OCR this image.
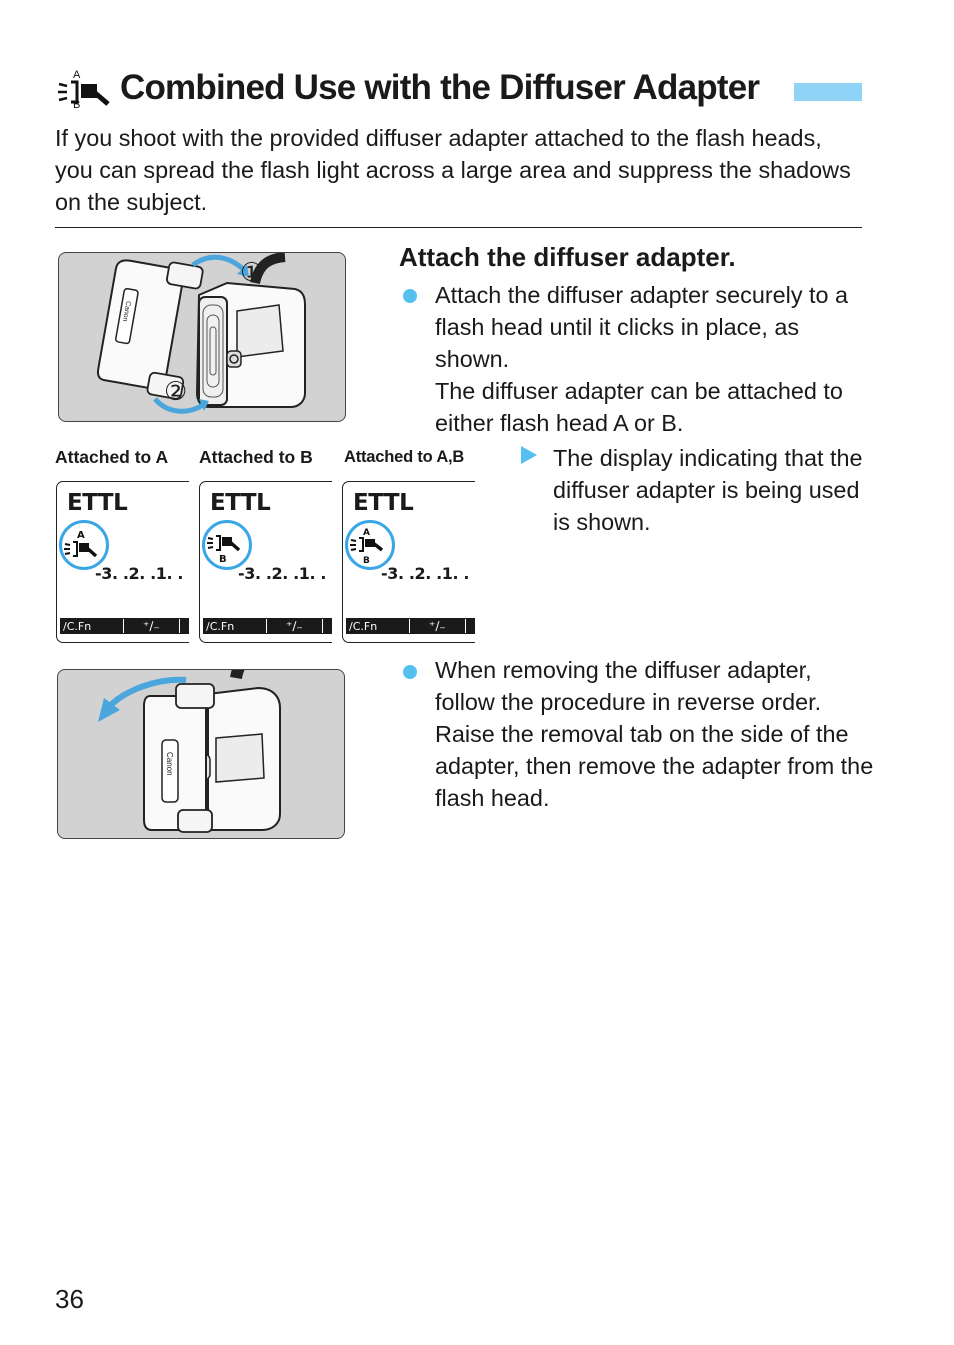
A
B Combined Use with the Diffuser Adapter
If you shoot with the provided diffuser adapter attached to the flash heads, you can spread the flash light across a large area and suppress the shadows on the subject.
Canon
①
②
Attach the diffuser adapter.
Attach the diffuser adapter securely to a flash head until it clicks in place, as shown.
The diffuser adapter can be attached to either flash head A or B.
Attached to A Attached to B Attached to A,B	The display indicating that the diffuser adapter is being used is shown.
ETTL
A
-3. .2. .1. .
/C.Fn	⁺∕₋
ETTL
B
-3. .2. .1. .
/C.Fn	⁺∕₋
ETTL
A
B
-3. .2. .1. .
/C.Fn	⁺∕₋
Canon
When removing the diffuser adapter, follow the procedure in reverse order. Raise the removal tab on the side of the adapter, then remove the adapter from the flash head.
36
